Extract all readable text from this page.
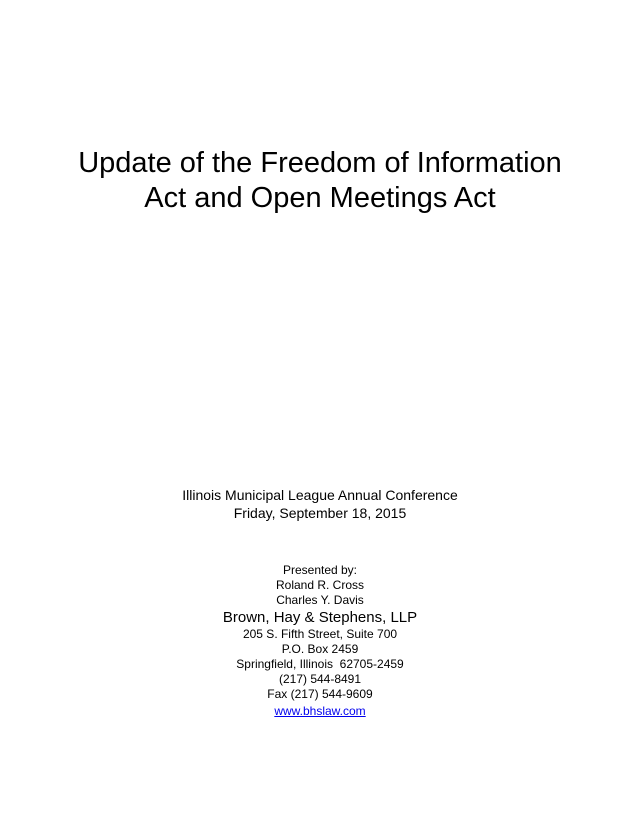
Update of the Freedom of Information
Act and Open Meetings Act
Illinois Municipal League Annual Conference
Friday, September 18, 2015
Presented by:
Roland R. Cross
Charles Y. Davis
Brown, Hay & Stephens, LLP
205 S. Fifth Street, Suite 700
P.O. Box 2459
Springfield, Illinois  62705-2459
(217) 544-8491
Fax (217) 544-9609
www.bhslaw.com
